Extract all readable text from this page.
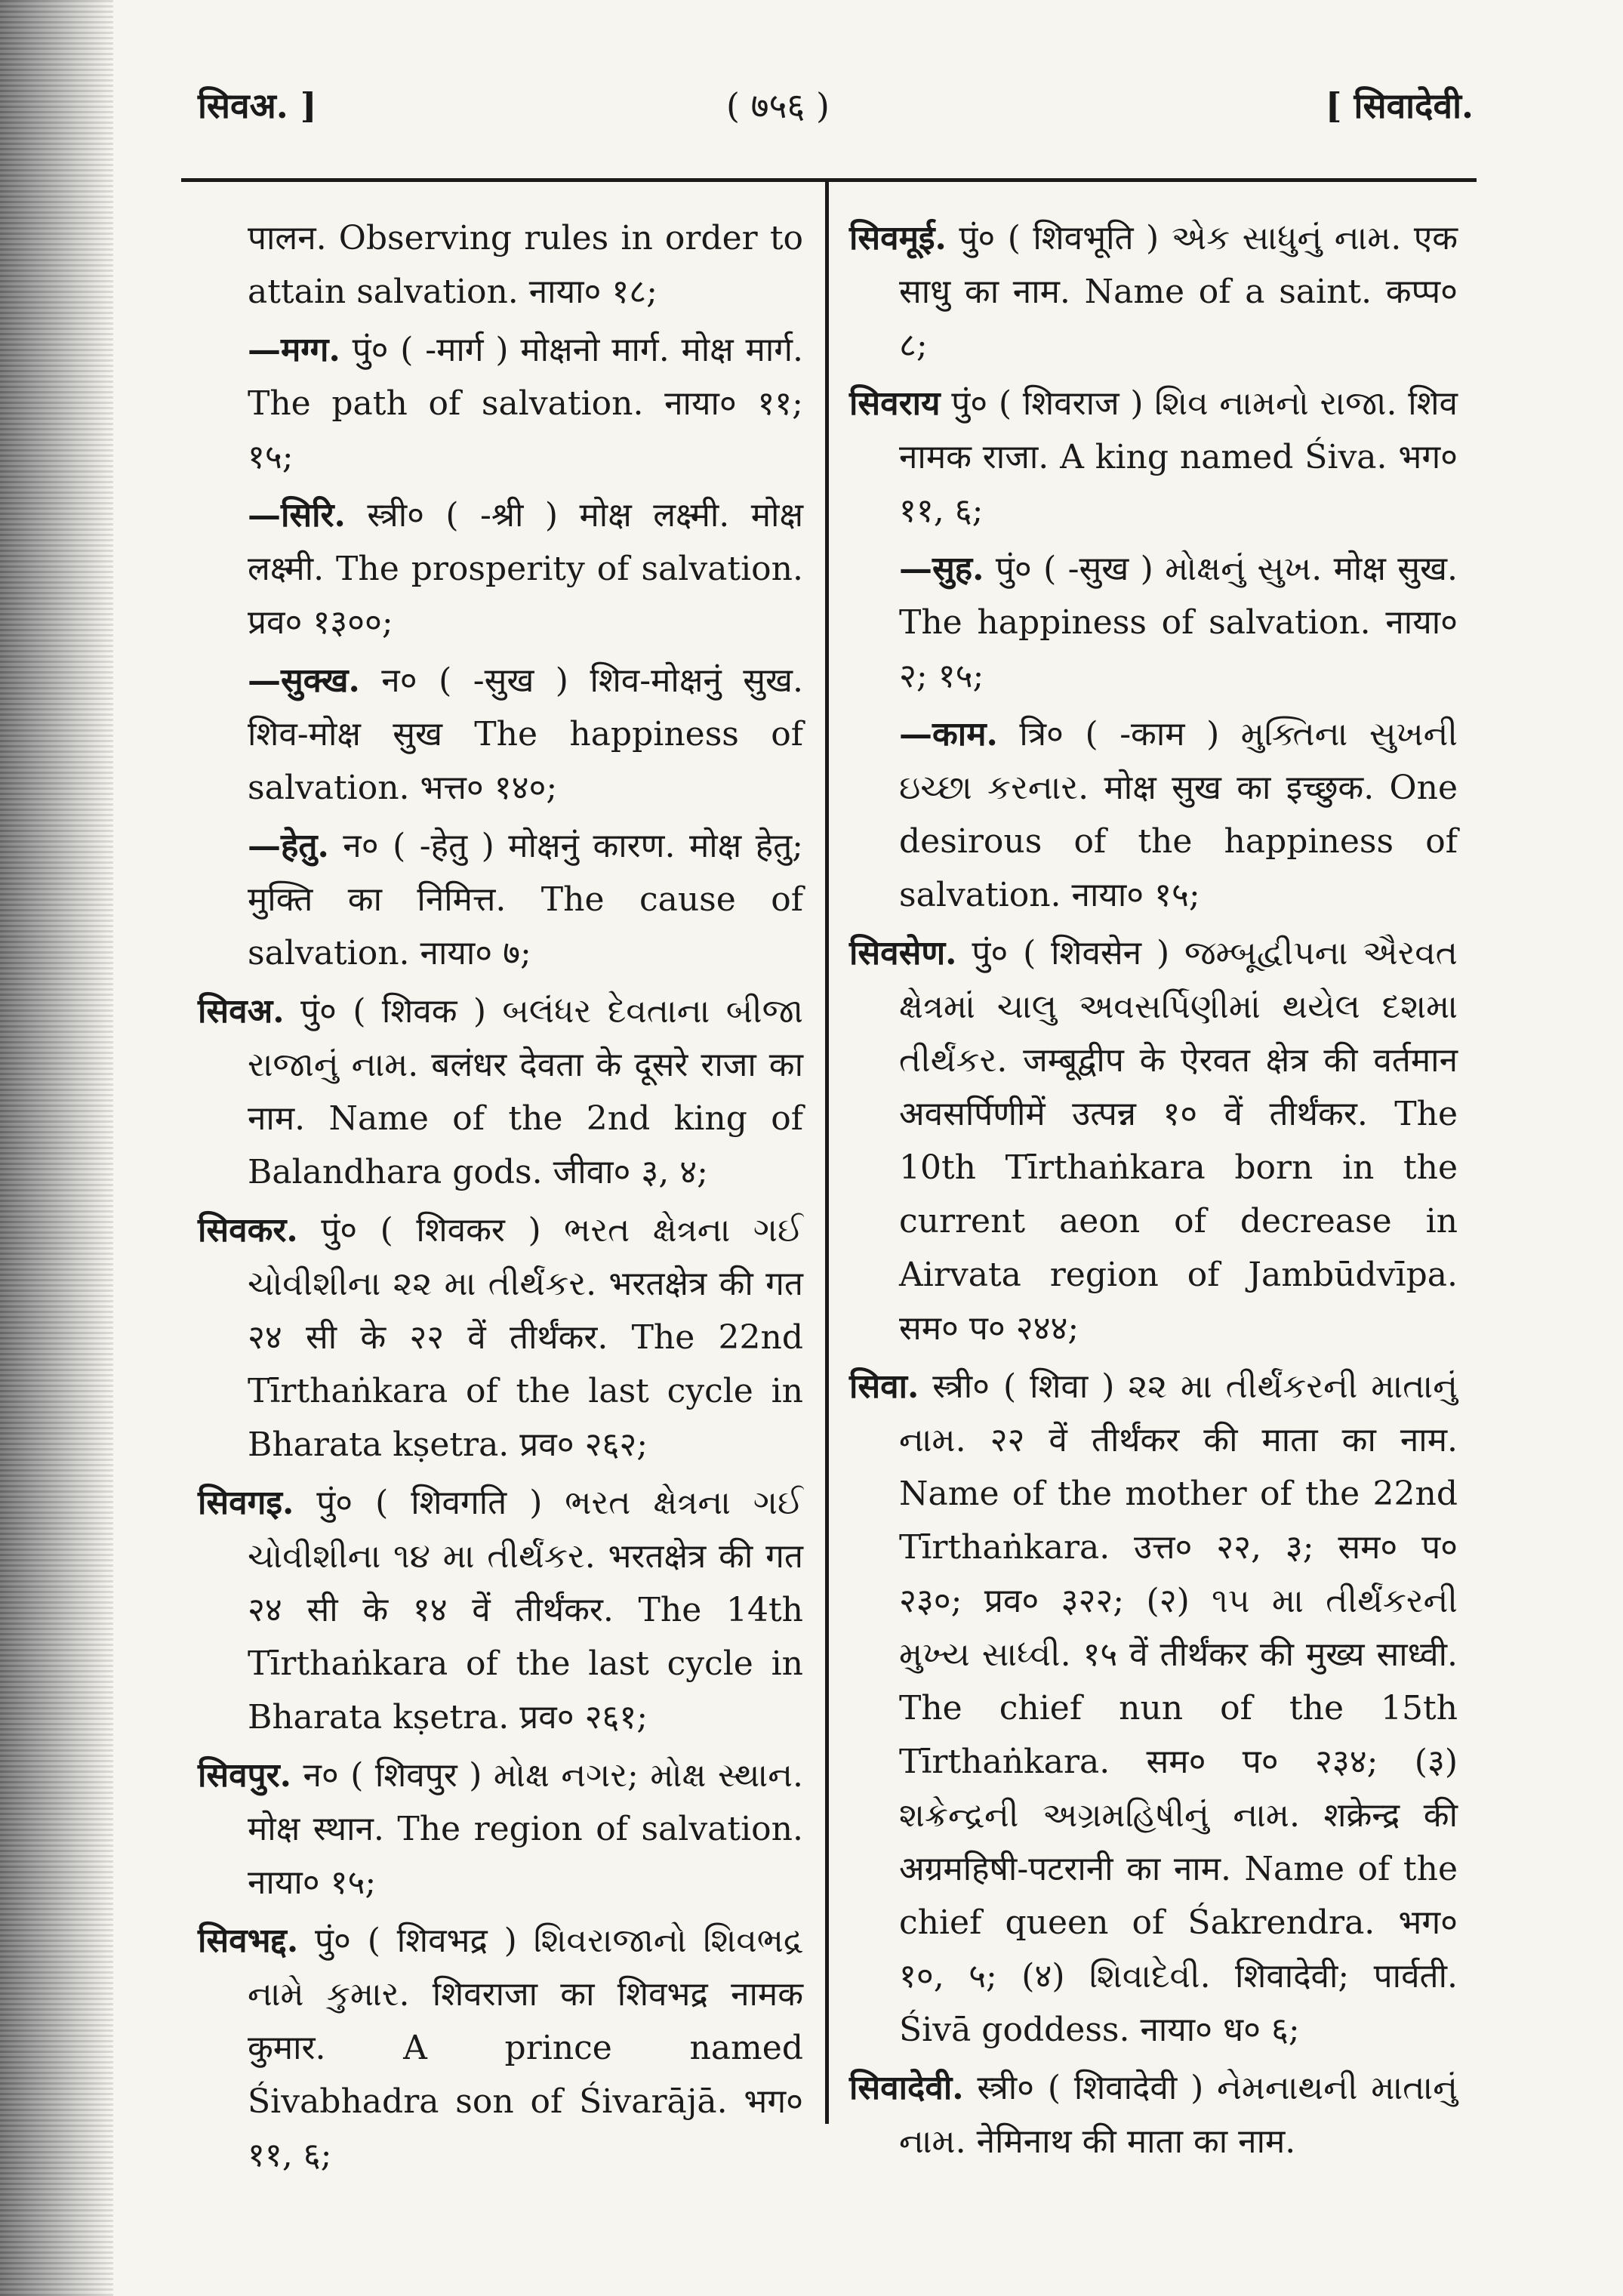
सिवअ. ]	( ७५६ )	[ सिवादेवी.

पालन. Observing rules in order to attain salvation. नाया० १८;

—मग्ग. पुं० ( -मार्ग ) मोक्षनो मार्ग. मोक्ष मार्ग. The path of salvation. नाया० ११; १५;

—सिरि. स्त्री० ( -श्री ) मोक्ष लक्ष्मी. मोक्ष लक्ष्मी. The prosperity of salvation. प्रव० १३००;

—सुक्ख. न० ( -सुख ) शिव-मोक्षनुं सुख. शिव-मोक्ष सुख The happiness of salvation. भत्त० १४०;

—हेतु. न० ( -हेतु ) मोक्षनुं कारण. मोक्ष हेतु; मुक्ति का निमित्त. The cause of salvation. नाया० ७;

सिवअ. पुं० ( शिवक ) બલંધર દેવતાના બીજા રાજાનું નામ. बलंधर देवता के दूसरे राजा का नाम. Name of the 2nd king of Balandhara gods. जीवा० ३, ४;

सिवकर. पुं० ( शिवकर ) ભરત ક્ષેત્રના ગઈ ચોવીશીના ૨૨ મા તીર્થંકર. भरतक्षेत्र की गत २४ सी के २२ वें तीर्थंकर. The 22nd Tīrthaṅkara of the last cycle in Bharata kṣetra. प्रव० २६२;

सिवगइ. पुं० ( शिवगति ) ભરત ક્ષેત્રના ગઈ ચોવીશીના ૧૪ મા તીર્થંકર. भरतक्षेत्र की गत २४ सी के १४ वें तीर्थंकर. The 14th Tīrthaṅkara of the last cycle in Bharata kṣetra. प्रव० २६१;

सिवपुर. न० ( शिवपुर ) મોક્ષ નગર; મોક્ષ સ્થાન. मोक्ष स्थान. The region of salvation. नाया० १५;

सिवभद्द. पुं० ( शिवभद्र ) શિવરાજાનો શિવભદ્ર નામે કુમાર. शिवराजा का शिवभद्र नामक कुमार. A prince named Śivabhadra son of Śivarājā. भग० ११, ६;

सिवमूई. पुं० ( शिवभूति ) એક સાધુનું નામ. एक साधु का नाम. Name of a saint. कप्प० ८;

सिवराय पुं० ( शिवराज ) શિવ નામનો રાજા. शिव नामक राजा. A king named Śiva. भग० ११, ६;

—सुह. पुं० ( -सुख ) મોક્ષનું સુખ. मोक्ष सुख. The happiness of salvation. नाया० २; १५;

—काम. त्रि० ( -काम ) મુક્તિના સુખની ઇચ્છા કરનાર. मोक्ष सुख का इच्छुक. One desirous of the happiness of salvation. नाया० १५;

सिवसेण. पुं० ( शिवसेन ) જમ્બૂદ્વીપના ઐરવત ક્ષેત્રમાં ચાલુ અવસર્પિણીમાં થયેલ દશમા તીર્થંકર. जम्बूद्वीप के ऐरवत क्षेत्र की वर्तमान अवसर्पिणीमें उत्पन्न १० वें तीर्थंकर. The 10th Tīrthaṅkara born in the current aeon of decrease in Airvata region of Jambūdvīpa. सम० प० २४४;

सिवा. स्त्री० ( शिवा ) ૨૨ મા તીર્થંકરની માતાનું નામ. २२ वें तीर्थंकर की माता का नाम. Name of the mother of the 22nd Tīrthaṅkara. उत्त० २२, ३; सम० प० २३०; प्रव० ३२२; (२) ૧૫ મા તીર્થંકરની મુખ્ય સાધ્વી. १५ वें तीर्थंकर की मुख्य साध्वी. The chief nun of the 15th Tīrthaṅkara. सम० प० २३४; (३) શક્રેન્દ્રની અગ્રમહિષીનું નામ. शक्रेन्द्र की अग्रमहिषी-पटरानी का नाम. Name of the chief queen of Śakrendra. भग० १०, ५; (४) શિવાદેવી. शिवादेवी; पार्वती. Śivā goddess. नाया० ध० ६;

सिवादेवी. स्त्री० ( शिवादेवी ) નેમનાથની માતાનું નામ. नेमिनाथ की माता का नाम.
